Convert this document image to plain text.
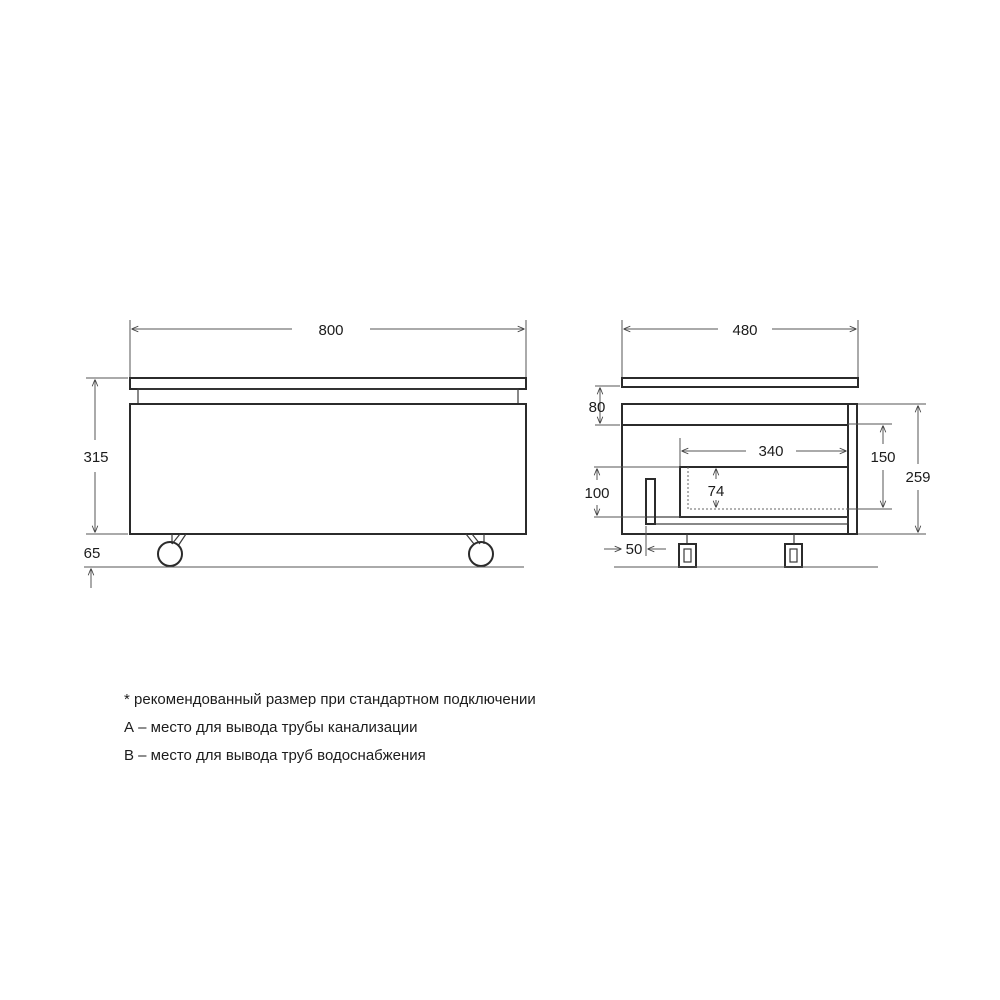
800
315
65
480
80
340	150
259
100	74
50
* рекомендованный размер при стандартном подключении
А – место для вывода трубы канализации
В – место для вывода труб водоснабжения
